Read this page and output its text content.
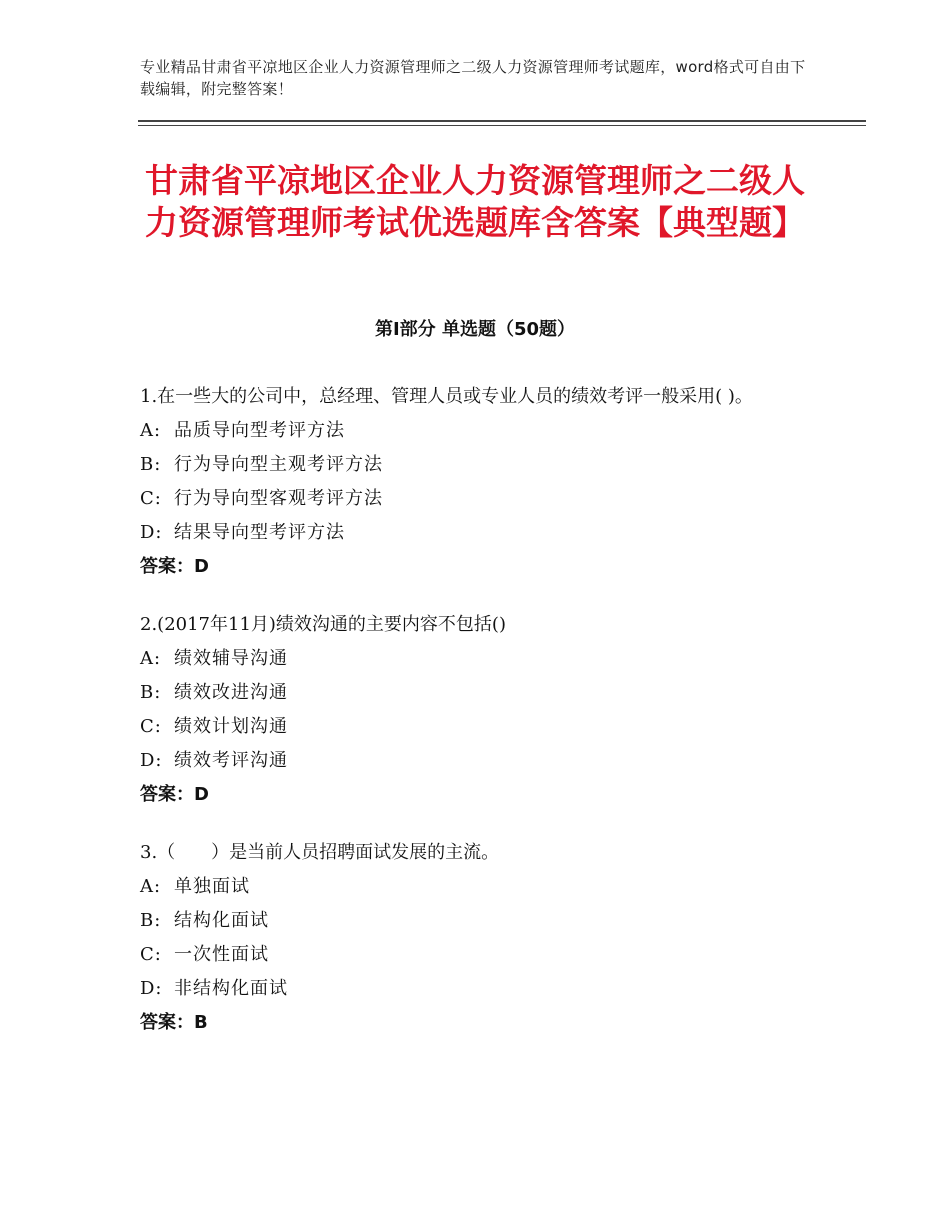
专业精品甘肃省平凉地区企业人力资源管理师之二级人力资源管理师考试题库，word格式可自由下载编辑，附完整答案！
甘肃省平凉地区企业人力资源管理师之二级人力资源管理师考试优选题库含答案【典型题】
第Ⅰ部分 单选题（50题）

1.在一些大的公司中，总经理、管理人员或专业人员的绩效考评一般采用( )。

A: 品质导向型考评方法

B: 行为导向型主观考评方法

C: 行为导向型客观考评方法

D: 结果导向型考评方法

答案：D

2.(2017年11月)绩效沟通的主要内容不包括()

A: 绩效辅导沟通

B: 绩效改进沟通

C: 绩效计划沟通

D: 绩效考评沟通

答案：D

3.（　　）是当前人员招聘面试发展的主流。

A: 单独面试

B: 结构化面试

C: 一次性面试

D: 非结构化面试

答案：B
